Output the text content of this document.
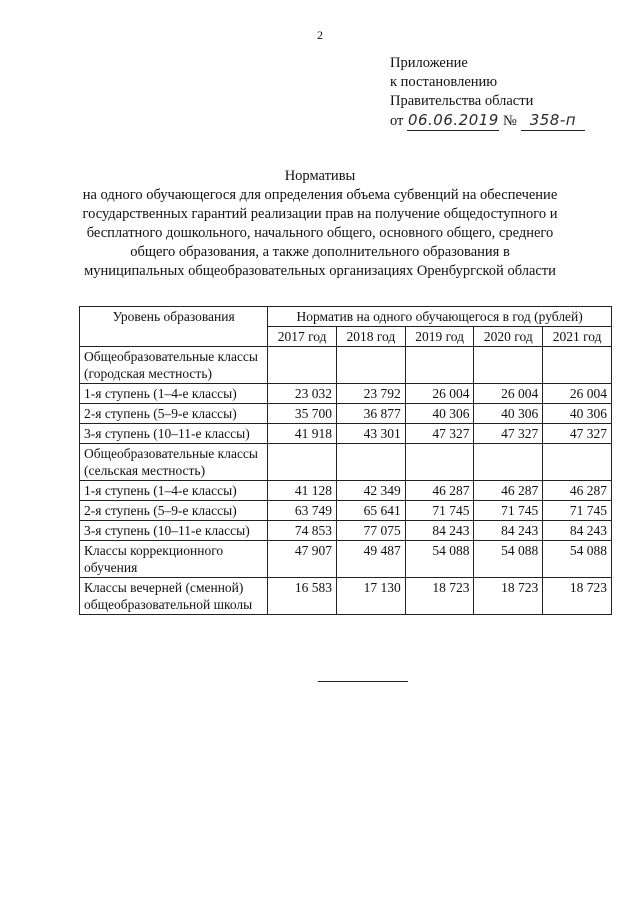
2
Приложение
к постановлению
Правительства области
от 06.06.2019 № 358-п
Нормативы
на одного обучающегося для определения объема субвенций на обеспечение
государственных гарантий реализации прав на получение общедоступного и
бесплатного дошкольного, начального общего, основного общего, среднего
общего образования, а также дополнительного образования в
муниципальных общеобразовательных организациях Оренбургской области
Уровень образования	Норматив на одного обучающегося в год (рублей)				
	2017 год	2018 год	2019 год	2020 год	2021 год
Общеобразовательные классы (городская местность)					
1-я ступень (1–4-е классы)	23 032	23 792	26 004	26 004	26 004
2-я ступень (5–9-е классы)	35 700	36 877	40 306	40 306	40 306
3-я ступень (10–11-е классы)	41 918	43 301	47 327	47 327	47 327
Общеобразовательные классы (сельская местность)					
1-я ступень (1–4-е классы)	41 128	42 349	46 287	46 287	46 287
2-я ступень (5–9-е классы)	63 749	65 641	71 745	71 745	71 745
3-я ступень (10–11-е классы)	74 853	77 075	84 243	84 243	84 243
Классы коррекционного обучения	47 907	49 487	54 088	54 088	54 088
Классы вечерней (сменной) общеобразовательной школы	16 583	17 130	18 723	18 723	18 723
